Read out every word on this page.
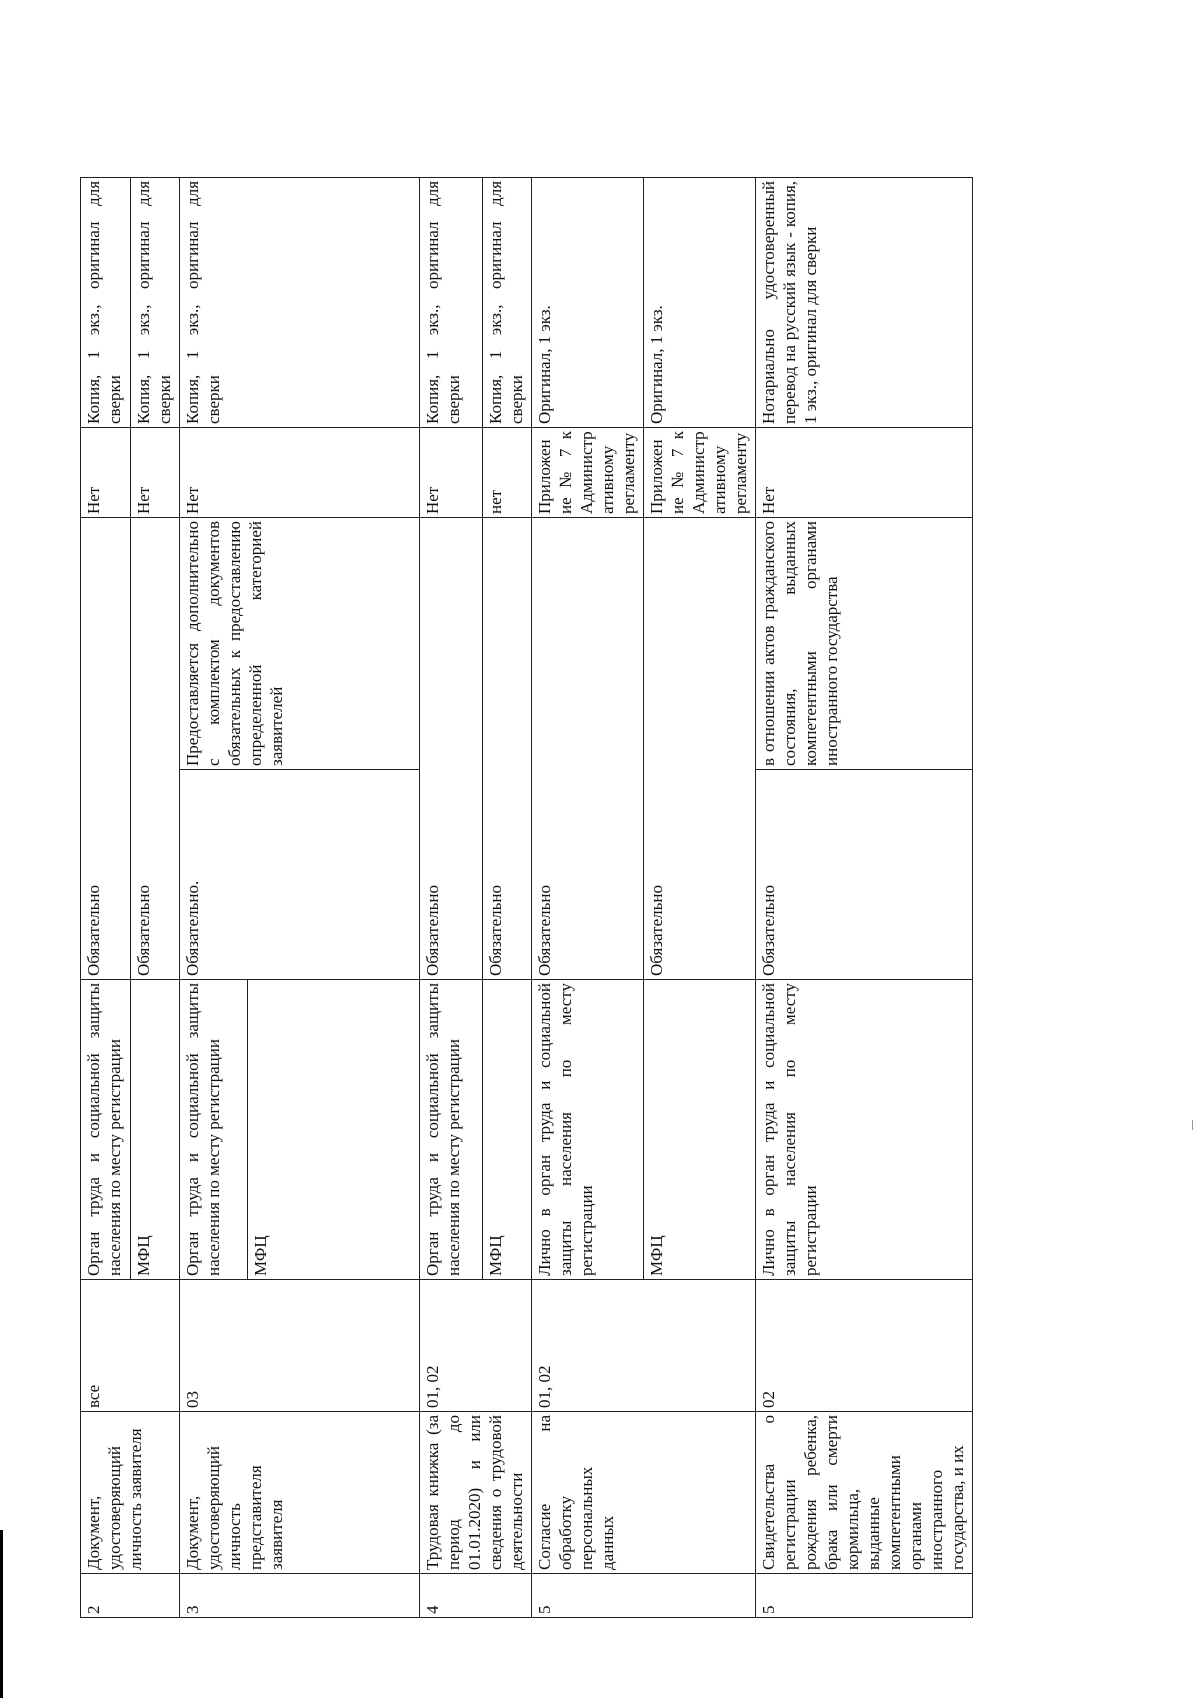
2	Документ, удостоверяющий личность заявителя	все	Орган труда и социальной защиты населения по месту регистрации	Обязательно		Нет	Копия, 1 экз., оригинал для сверки
			МФЦ	Обязательно		Нет	Копия, 1 экз., оригинал для сверки
3	Документ, удостоверяющий личность представителя заявителя	03	Орган труда и социальной защиты населения по месту регистрации	Обязательно.	Предоставляется дополнительно с комплектом документов обязательных к предоставлению определенной категорией заявителей	Нет	Копия, 1 экз., оригинал для сверки
			МФЦ				
4	Трудовая книжка (за период до 01.01.2020) и или сведения о трудовой деятельности	01, 02	Орган труда и социальной защиты населения по месту регистрации	Обязательно		Нет	Копия, 1 экз., оригинал для сверки
			МФЦ	Обязательно		нет	Копия, 1 экз., оригинал для сверки
5	Согласие на обработку персональных данных	01, 02	Лично в орган труда и социальной защиты населения по месту регистрации	Обязательно		Приложение № 7 к Административному регламенту	Оригинал, 1 экз.
			МФЦ	Обязательно		Приложение № 7 к Административному регламенту	Оригинал, 1 экз.
5	Свидетельства о регистрации рождения ребенка, брака или смерти кормильца, выданные компетентными органами иностранного государства, и их	02	Лично в орган труда и социальной защиты населения по месту регистрации	Обязательно	в отношении актов гражданского состояния, выданных компетентными органами иностранного государства	Нет	Нотариально удостоверенный перевод на русский язык - копия, 1 экз., оригинал для сверки
